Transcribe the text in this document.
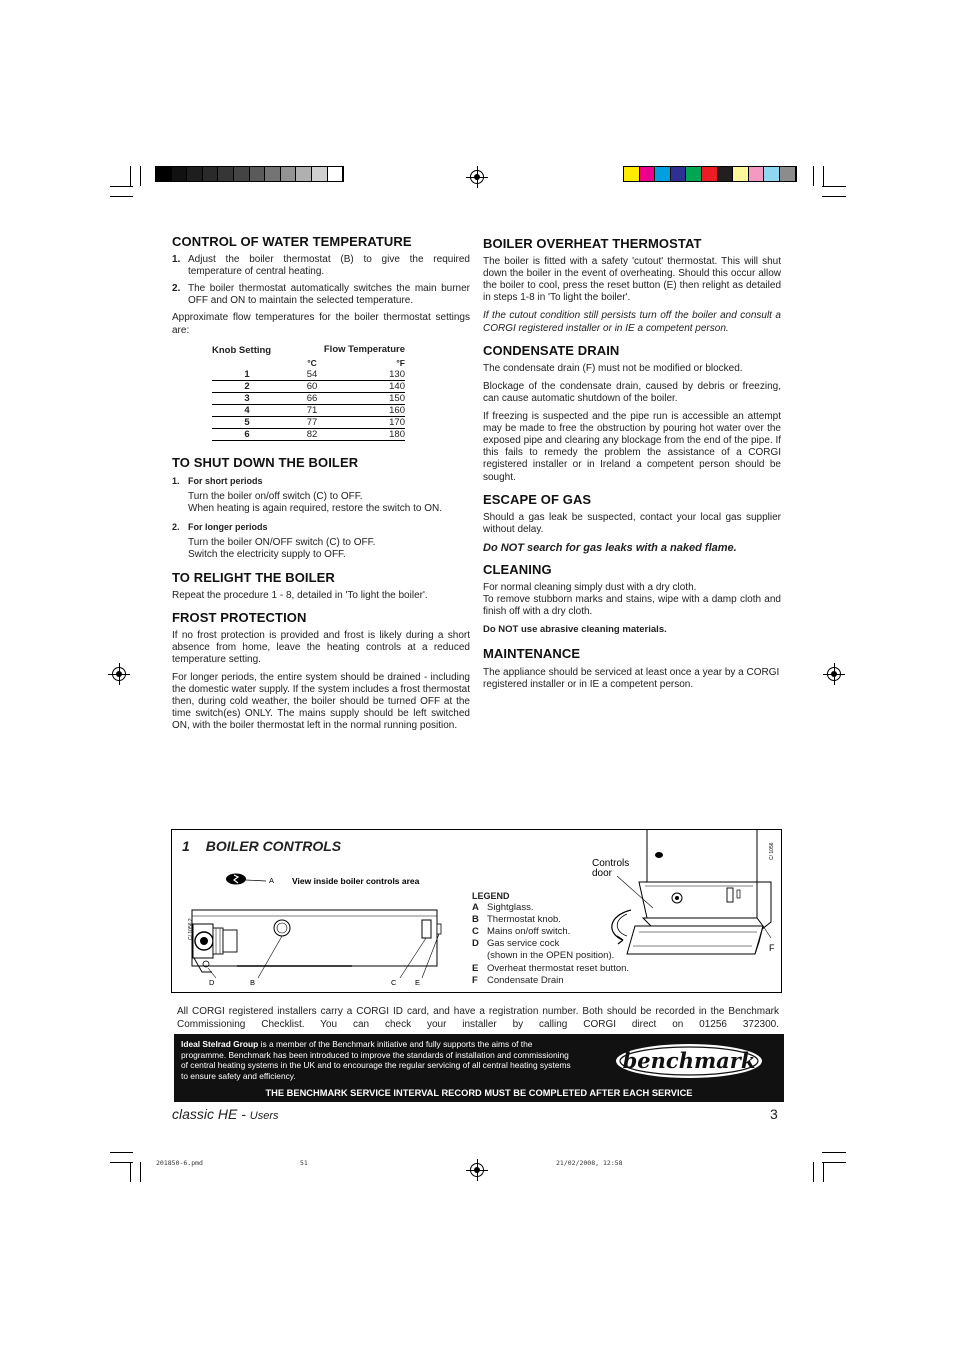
CONTROL OF WATER TEMPERATURE
1. Adjust the boiler thermostat (B) to give the required temperature of central heating.
2. The boiler thermostat automatically switches the main burner OFF and ON to maintain the selected temperature.

Approximate flow temperatures for the boiler thermostat settings are:

Knob Setting	Flow Temperature	
	°C	°F
1	54	130
2	60	140
3	66	150
4	71	160
5	77	170
6	82	180
TO SHUT DOWN THE BOILER
1. For short periods
Turn the boiler on/off switch (C) to OFF.
When heating is again required, restore the switch to ON.
2. For longer periods
Turn the boiler ON/OFF switch (C) to OFF.
Switch the electricity supply to OFF.
TO RELIGHT THE BOILER

Repeat the procedure 1 - 8, detailed in 'To light the boiler'.

FROST PROTECTION

If no frost protection is provided and frost is likely during a short absence from home, leave the heating controls at a reduced temperature setting.

For longer periods, the entire system should be drained - including the domestic water supply. If the system includes a frost thermostat then, during cold weather, the boiler should be turned OFF at the time switch(es) ONLY. The mains supply should be left switched ON, with the boiler thermostat left in the normal running position.

BOILER OVERHEAT THERMOSTAT

The boiler is fitted with a safety 'cutout' thermostat. This will shut down the boiler in the event of overheating. Should this occur allow the boiler to cool, press the reset button (E) then relight as detailed in steps 1-8 in 'To light the boiler'.

If the cutout condition still persists turn off the boiler and consult a CORGI registered installer or in IE a competent person.

CONDENSATE DRAIN

The condensate drain (F) must not be modified or blocked.

Blockage of the condensate drain, caused by debris or freezing, can cause automatic shutdown of the boiler.

If freezing is suspected and the pipe run is accessible an attempt may be made to free the obstruction by pouring hot water over the exposed pipe and clearing any blockage from the end of the pipe. If this fails to remedy the problem the assistance of a CORGI registered installer or in Ireland a competent person should be sought.

ESCAPE OF GAS

Should a gas leak be suspected, contact your local gas supplier without delay.

Do NOT search for gas leaks with a naked flame.

CLEANING

For normal cleaning simply dust with a dry cloth.

To remove stubborn marks and stains, wipe with a damp cloth and finish off with a dry cloth.

Do NOT use abrasive cleaning materials.

MAINTENANCE

The appliance should be serviced at least once a year by a CORGI registered installer or in IE a competent person.

1 BOILER CONTROLS
A View inside boiler controls area
D	B	C E
C/ 1056.2
LEGEND
A Sightglass.
B Thermostat knob.
C Mains on/off switch.
D Gas service cock
(shown in the OPEN position).
E Overheat thermostat reset button.
F Condensate Drain
Controls
door
C/ 1056
F
All CORGI registered installers carry a CORGI ID card, and have a registration number. Both should be recorded in the Benchmark Commissioning Checklist. You can check your installer by calling CORGI direct on 01256 372300.
Ideal Stelrad Group is a member of the Benchmark initiative and fully supports the aims of the programme. Benchmark has been introduced to improve the standards of installation and commissioning of central heating systems in the UK and to encourage the regular servicing of all central heating systems to ensure safety and efficiency.
benchmark
THE BENCHMARK SERVICE INTERVAL RECORD MUST BE COMPLETED AFTER EACH SERVICE
classic HE - Users	3
201850-6.pmd	51	21/02/2008, 12:58
